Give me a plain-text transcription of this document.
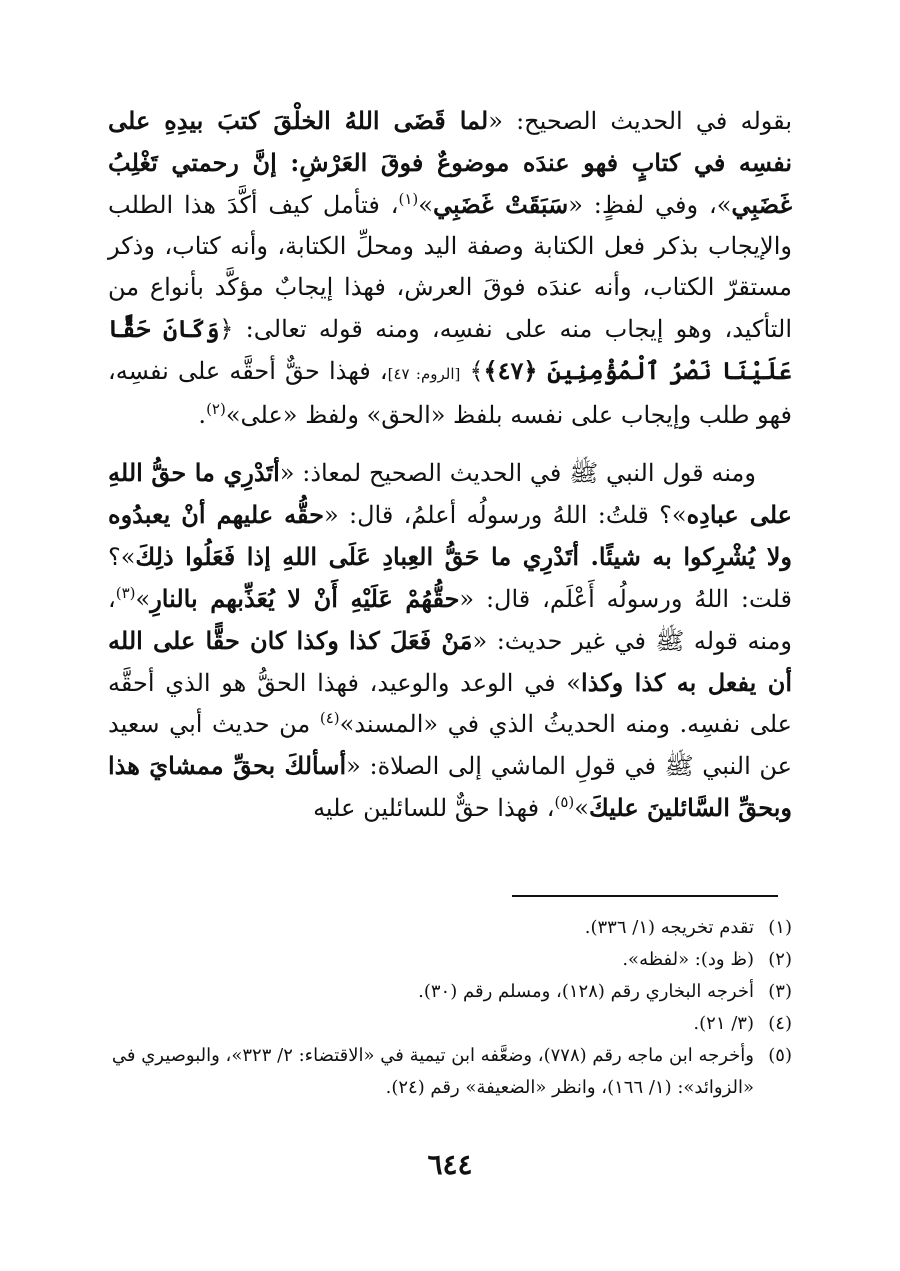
بقوله في الحديث الصحيح: «لما قَضَى اللهُ الخلْقَ كتبَ بيدِهِ على نفسِه في كتابٍ فهو عندَه موضوعٌ فوقَ العَرْشِ: إنَّ رحمتي تَغْلِبُ غَضَبِي»، وفي لفظٍ: «سَبَقَتْ غَضَبِي»$^{(١)}$، فتأمل كيف أكَّدَ هذا الطلب والإيجاب بذكر فعل الكتابة وصفة اليد ومحلِّ الكتابة، وأنه كتاب، وذكر مستقرّ الكتاب، وأنه عندَه فوقَ العرش، فهذا إيجابٌ مؤكَّد بأنواع من التأكيد، وهو إيجاب منه على نفسِه، ومنه قوله تعالى: ﴿وَكَانَ حَقًّا عَلَيْنَا نَصْرُ ٱلْمُؤْمِنِينَ ﴿٤٧﴾﴾ [الروم: ٤٧]، فهذا حقٌّ أحقَّه على نفسِه، فهو طلب وإيجاب على نفسه بلفظ «الحق» ولفظ «على»$^{(٢)}$.

ومنه قول النبي ﷺ في الحديث الصحيح لمعاذ: «أتَدْرِي ما حقُّ اللهِ على عبادِه»؟ قلتُ: اللهُ ورسولُه أعلمُ، قال: «حقُّه عليهم أنْ يعبدُوه ولا يُشْرِكوا به شيئًا. أتَدْرِي ما حَقُّ العِبادِ عَلَى اللهِ إذا فَعَلُوا ذلِكَ»؟ قلت: اللهُ ورسولُه أَعْلَم، قال: «حقُّهُمْ عَلَيْهِ أَنْ لا يُعَذِّبهم بالنارِ»$^{(٣)}$، ومنه قوله ﷺ في غير حديث: «مَنْ فَعَلَ كذا وكذا كان حقًّا على الله أن يفعل به كذا وكذا» في الوعد والوعيد، فهذا الحقُّ هو الذي أحقَّه على نفسِه. ومنه الحديثُ الذي في «المسند»$^{(٤)}$ من حديث أبي سعيد عن النبي ﷺ في قولِ الماشي إلى الصلاة: «أسألكَ بحقِّ ممشايَ هذا وبحقِّ السَّائلينَ عليكَ»$^{(٥)}$، فهذا حقٌّ للسائلين عليه

(١)
تقدم تخريجه (١/ ٣٣٦).
(٢)
(ظ ود): «لفظه».
(٣)
أخرجه البخاري رقم (١٢٨)، ومسلم رقم (٣٠).
(٤)
(٣/ ٢١).
(٥)
وأخرجه ابن ماجه رقم (٧٧٨)، وضعَّفه ابن تيمية في «الاقتضاء: ٢/ ٣٢٣»، والبوصيري في «الزوائد»: (١/ ١٦٦)، وانظر «الضعيفة» رقم (٢٤).
٦٤٤
